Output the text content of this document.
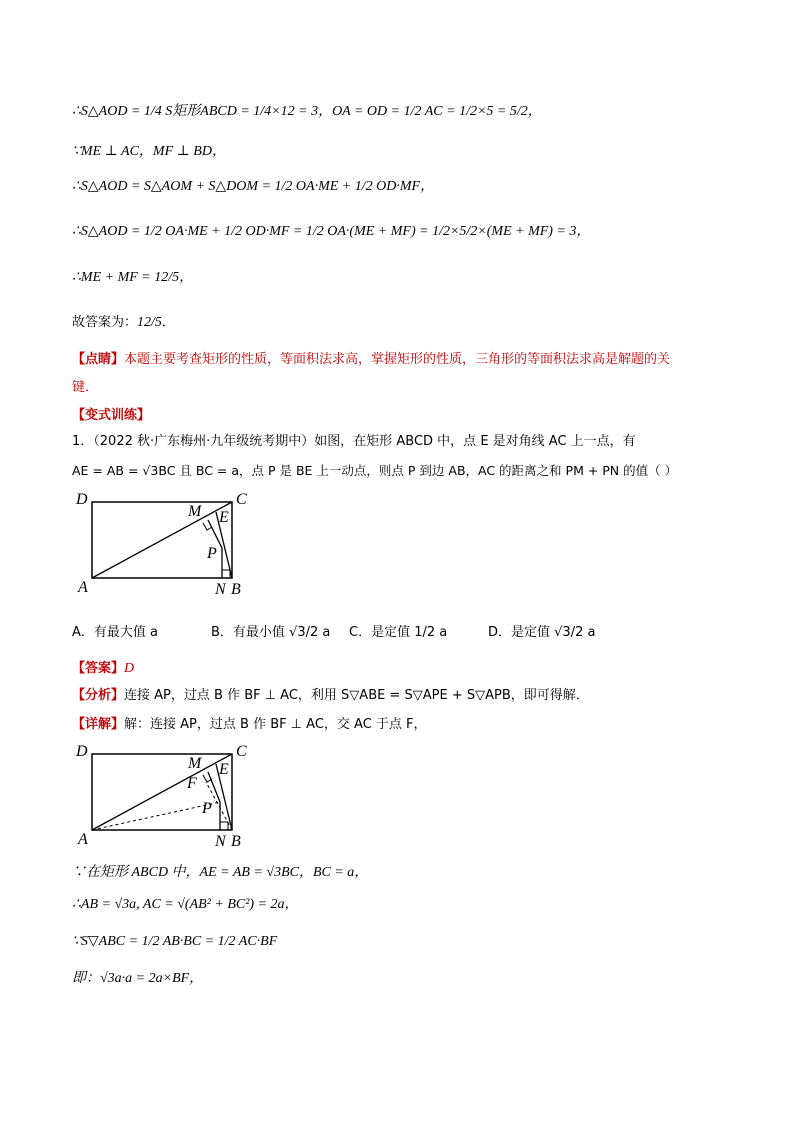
∴S△AOD = 1/4 S矩形ABCD = 1/4×12 = 3，OA = OD = 1/2 AC = 1/2×5 = 5/2，
∵ME ⊥ AC，MF ⊥ BD，
∴S△AOD = S△AOM + S△DOM = 1/2 OA·ME + 1/2 OD·MF，
∴S△AOD = 1/2 OA·ME + 1/2 OD·MF = 1/2 OA·(ME + MF) = 1/2×5/2×(ME + MF) = 3，
∴ME + MF = 12/5，
故答案为：12/5．
【点睛】本题主要考查矩形的性质，等面积法求高，掌握矩形的性质，三角形的等面积法求高是解题的关
键．
【变式训练】
1．（2022 秋·广东梅州·九年级统考期中）如图，在矩形 ABCD 中，点 E 是对角线 AC 上一点，有
AE = AB = √3BC 且 BC = a，点 P 是 BE 上一动点，则点 P 到边 AB，AC 的距离之和 PM + PN 的值（ ）
D	C
M E
P
A	N B
A．有最大值 a	B．有最小值 √3/2 a C．是定值 1/2 a	D．是定值 √3/2 a
【答案】D
【分析】连接 AP，过点 B 作 BF ⊥ AC，利用 S▽ABE = S▽APE + S▽APB，即可得解．
【详解】解：连接 AP，过点 B 作 BF ⊥ AC，交 AC 于点 F，
D	C
M E
F
P
A	N B
∵在矩形 ABCD 中，AE = AB = √3BC，BC = a，
∴AB = √3a, AC = √(AB² + BC²) = 2a，
∵S▽ABC = 1/2 AB·BC = 1/2 AC·BF
即：√3a·a = 2a×BF，
